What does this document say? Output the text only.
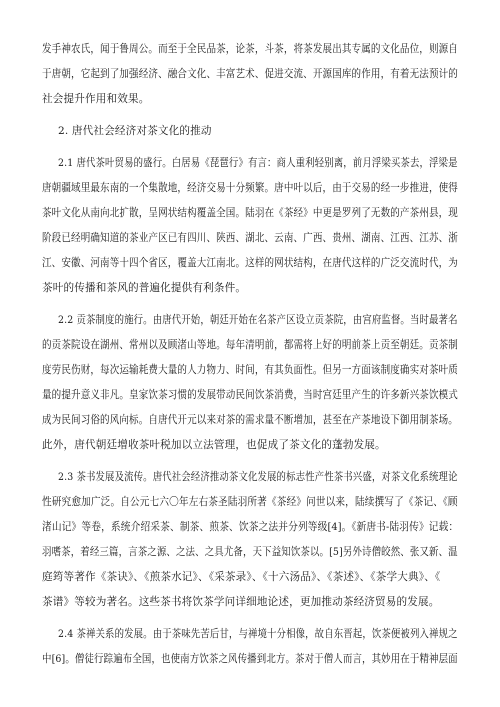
发手神农氏，闻于鲁周公。而至于全民品茶，论茶，斗茶，将茶发展出其专属的文化品位，则源自
于唐朝，它起到了加强经济、融合文化、丰富艺术、促进交流、开源国库的作用，有着无法预计的
社会提升作用和效果。
2. 唐代社会经济对茶文化的推动
2.1 唐代茶叶贸易的盛行。白居易《琵琶行》有言：商人重利轻别离，前月浮梁买茶去，浮梁是
唐朝疆域里最东南的一个集散地，经济交易十分频繁。唐中叶以后，由于交易的经一步推进，使得
茶叶文化从南向北扩散，呈网状结构覆盖全国。陆羽在《茶经》中更是罗列了无数的产茶州县，现
阶段已经明确知道的茶业产区已有四川、陕西、湖北、云南、广西、贵州、湖南、江西、江苏、浙
江、安徽、河南等十四个省区，覆盖大江南北。这样的网状结构，在唐代这样的广泛交流时代，为
茶叶的传播和茶风的普遍化提供有利条件。
2.2 贡茶制度的施行。由唐代开始，朝廷开始在名茶产区设立贡茶院，由宫府监督。当时最著名
的贡茶院设在湖州、常州以及顾渚山等地。每年清明前，都需将上好的明前茶上贡至朝廷。贡茶制
度劳民伤财，每次运输耗费大量的人力物力、时间，有其负面性。但另一方面该制度确实对茶叶质
量的提升意义非凡。皇家饮茶习惯的发展带动民间饮茶消费，当时宫廷里产生的许多新兴茶饮模式
成为民间习俗的风向标。自唐代开元以来对茶的需求量不断增加，甚至在产茶地设下御用制茶场。
此外，唐代朝廷增收茶叶税加以立法管理，也促成了茶文化的蓬勃发展。
2.3 茶书发展及流传。唐代社会经济推动茶文化发展的标志性产性茶书兴盛，对茶文化系统理论
性研究愈加广泛。自公元七六〇年左右茶圣陆羽所著《茶经》问世以来，陆续撰写了《茶记、《顾
渚山记》等卷，系统介绍采茶、制茶、煎茶、饮茶之法并分列等级[4]。《新唐书-陆羽传》记载：
羽嗜茶，着经三篇，言茶之源、之法、之具尤备，天下益知饮茶以。[5]另外诗僧皎然、张又新、温
庭筠等著作《茶诀》、《煎茶水记》、《采茶录》、《十六汤品》、《茶述》、《茶学大典》、《
茶谱》等较为著名。这些茶书将饮茶学问详细地论述，更加推动茶经济贸易的发展。
2.4 茶禅关系的发展。由于茶味先苦后甘，与禅境十分相像，故自东晋起，饮茶便被列入禅规之
中[6]。僧徒行踪遍布全国，也使南方饮茶之风传播到北方。茶对于僧人而言，其妙用在于精神层面
